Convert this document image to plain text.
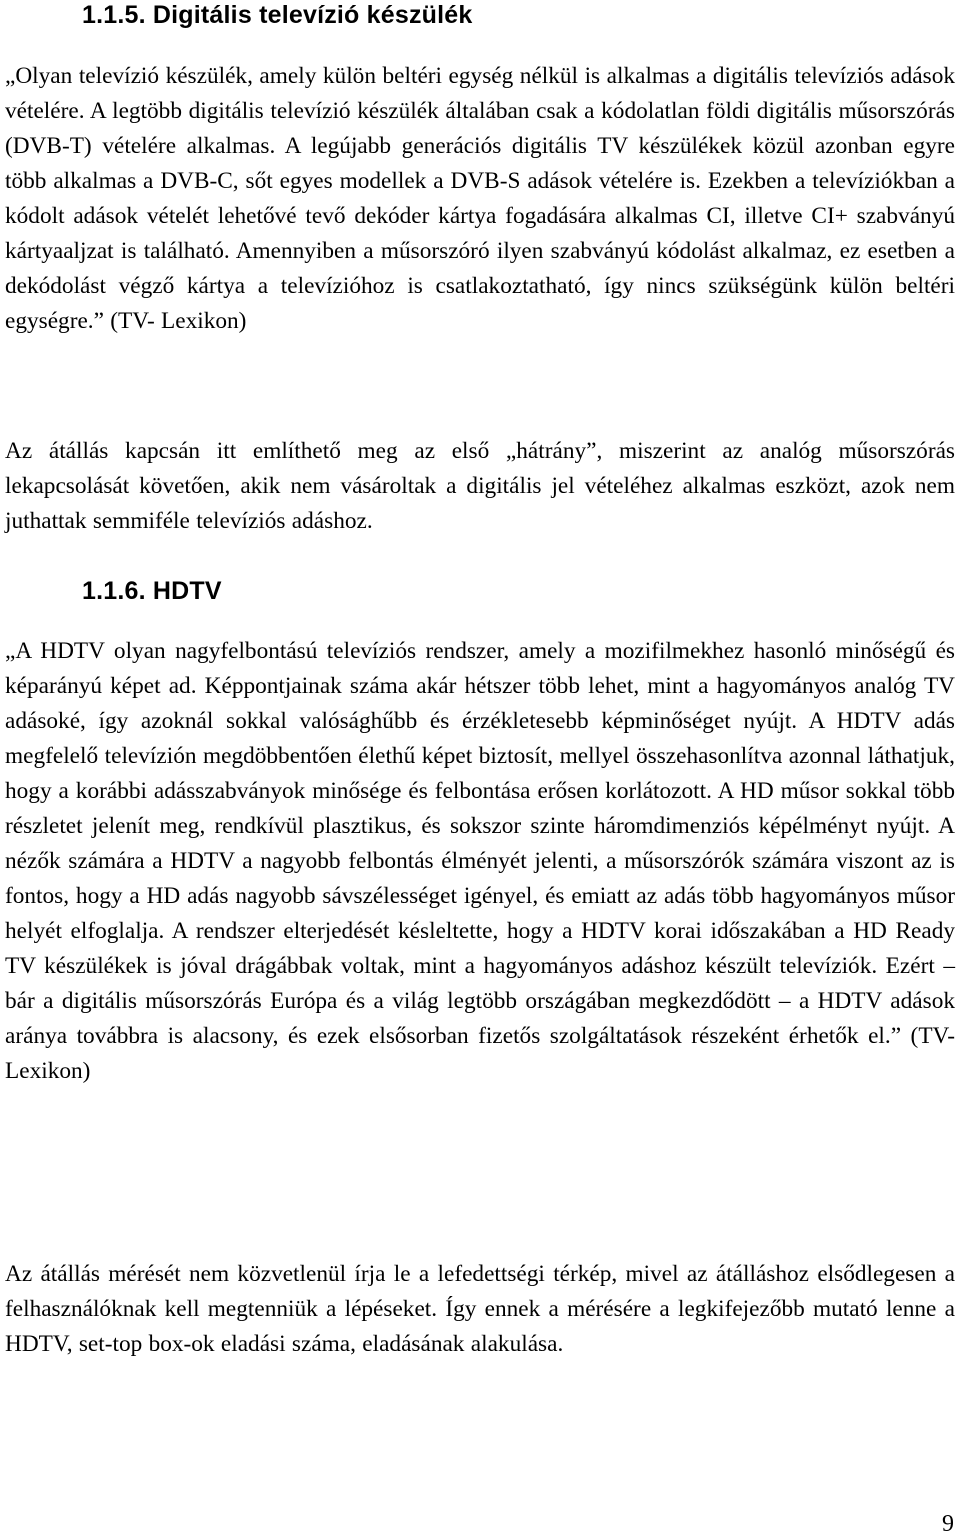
1.1.5. Digitális televízió készülék

„Olyan televízió készülék, amely külön beltéri egység nélkül is alkalmas a digitális televíziós adások vételére. A legtöbb digitális televízió készülék általában csak a kódolatlan földi digitális műsorszórás (DVB-T) vételére alkalmas. A legújabb generációs digitális TV készülékek közül azonban egyre több alkalmas a DVB-C, sőt egyes modellek a DVB-S adások vételére is. Ezekben a televíziókban a kódolt adások vételét lehetővé tevő dekóder kártya fogadására alkalmas CI, illetve CI+ szabványú kártyaaljzat is található. Amennyiben a műsorszóró ilyen szabványú kódolást alkalmaz, ez esetben a dekódolást végző kártya a televízióhoz is csatlakoztatható, így nincs szükségünk külön beltéri egységre.” (TV- Lexikon)

Az átállás kapcsán itt említhető meg az első „hátrány”, miszerint az analóg műsorszórás lekapcsolását követően, akik nem vásároltak a digitális jel vételéhez alkalmas eszközt, azok nem juthattak semmiféle televíziós adáshoz.

1.1.6. HDTV

„A HDTV olyan nagyfelbontású televíziós rendszer, amely a mozifilmekhez hasonló minőségű és képarányú képet ad. Képpontjainak száma akár hétszer több lehet, mint a hagyományos analóg TV adásoké, így azoknál sokkal valósághűbb és érzékletesebb képminőséget nyújt. A HDTV adás megfelelő televízión megdöbbentően élethű képet biztosít, mellyel összehasonlítva azonnal láthatjuk, hogy a korábbi adásszabványok minősége és felbontása erősen korlátozott. A HD műsor sokkal több részletet jelenít meg, rendkívül plasztikus, és sokszor szinte háromdimenziós képélményt nyújt. A nézők számára a HDTV a nagyobb felbontás élményét jelenti, a műsorszórók számára viszont az is fontos, hogy a HD adás nagyobb sávszélességet igényel, és emiatt az adás több hagyományos műsor helyét elfoglalja. A rendszer elterjedését késleltette, hogy a HDTV korai időszakában a HD Ready TV készülékek is jóval drágábbak voltak, mint a hagyományos adáshoz készült televíziók. Ezért – bár a digitális műsorszórás Európa és a világ legtöbb országában megkezdődött – a HDTV adások aránya továbbra is alacsony, és ezek elsősorban fizetős szolgáltatások részeként érhetők el.” (TV- Lexikon)

Az átállás mérését nem közvetlenül írja le a lefedettségi térkép, mivel az átálláshoz elsődlegesen a felhasználóknak kell megtenniük a lépéseket. Így ennek a mérésére a legkifejezőbb mutató lenne a HDTV, set-top box-ok eladási száma, eladásának alakulása.

9
